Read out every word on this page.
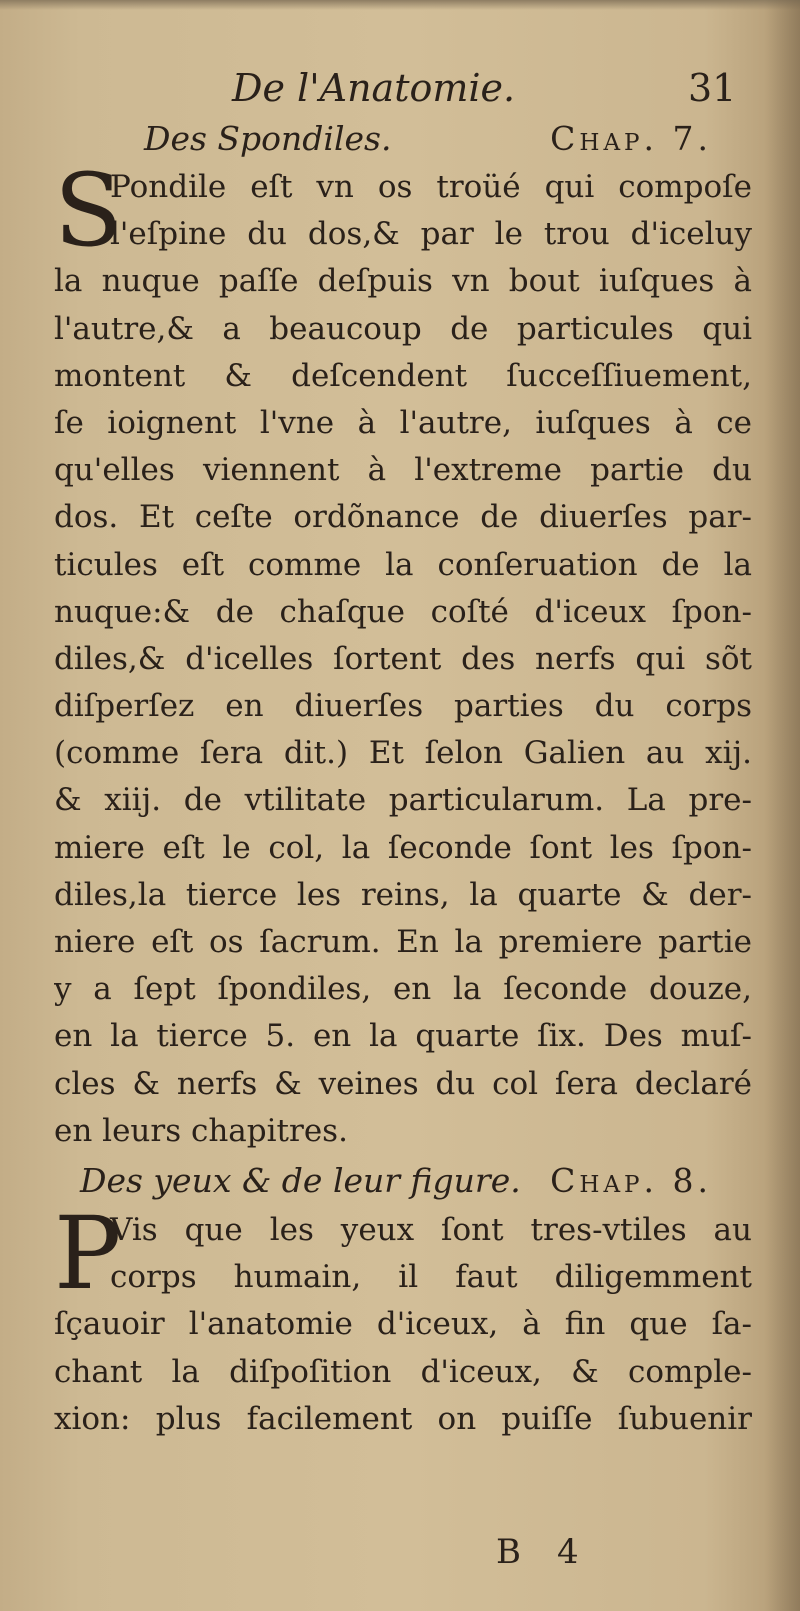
De l'Anatomie.	31
Des Spondiles.	Chap. 7.
S
Pondile eſt vn os troüé qui compoſe
l'eſpine du dos,& par le trou d'iceluy
la nuque paſſe deſpuis vn bout iuſques à
l'autre,& a beaucoup de particules qui
montent & deſcendent ſucceſſiuement,
ſe ioignent l'vne à l'autre, iuſques à ce
qu'elles viennent à l'extreme partie du
dos. Et ceſte ordõnance de diuerſes par-
ticules eſt comme la conſeruation de la
nuque:& de chaſque coſté d'iceux ſpon-
diles,& d'icelles ſortent des nerfs qui sõt
diſperſez en diuerſes parties du corps
(comme ſera dit.) Et ſelon Galien au xij.
& xiij. de vtilitate particularum. La pre-
miere eſt le col, la ſeconde ſont les ſpon-
diles,la tierce les reins, la quarte & der-
niere eſt os ſacrum. En la premiere partie
y a ſept ſpondiles, en la ſeconde douze,
en la tierce 5. en la quarte ſix. Des muſ-
cles & nerfs & veines du col ſera declaré
en leurs chapitres.
Des yeux & de leur figure. Chap. 8.
P
Vis que les yeux ſont tres-vtiles au
corps humain, il faut diligemment
ſçauoir l'anatomie d'iceux, à fin que ſa-
chant la diſpoſition d'iceux, & comple-
xion: plus facilement on puiſſe ſubuenir
B 4
